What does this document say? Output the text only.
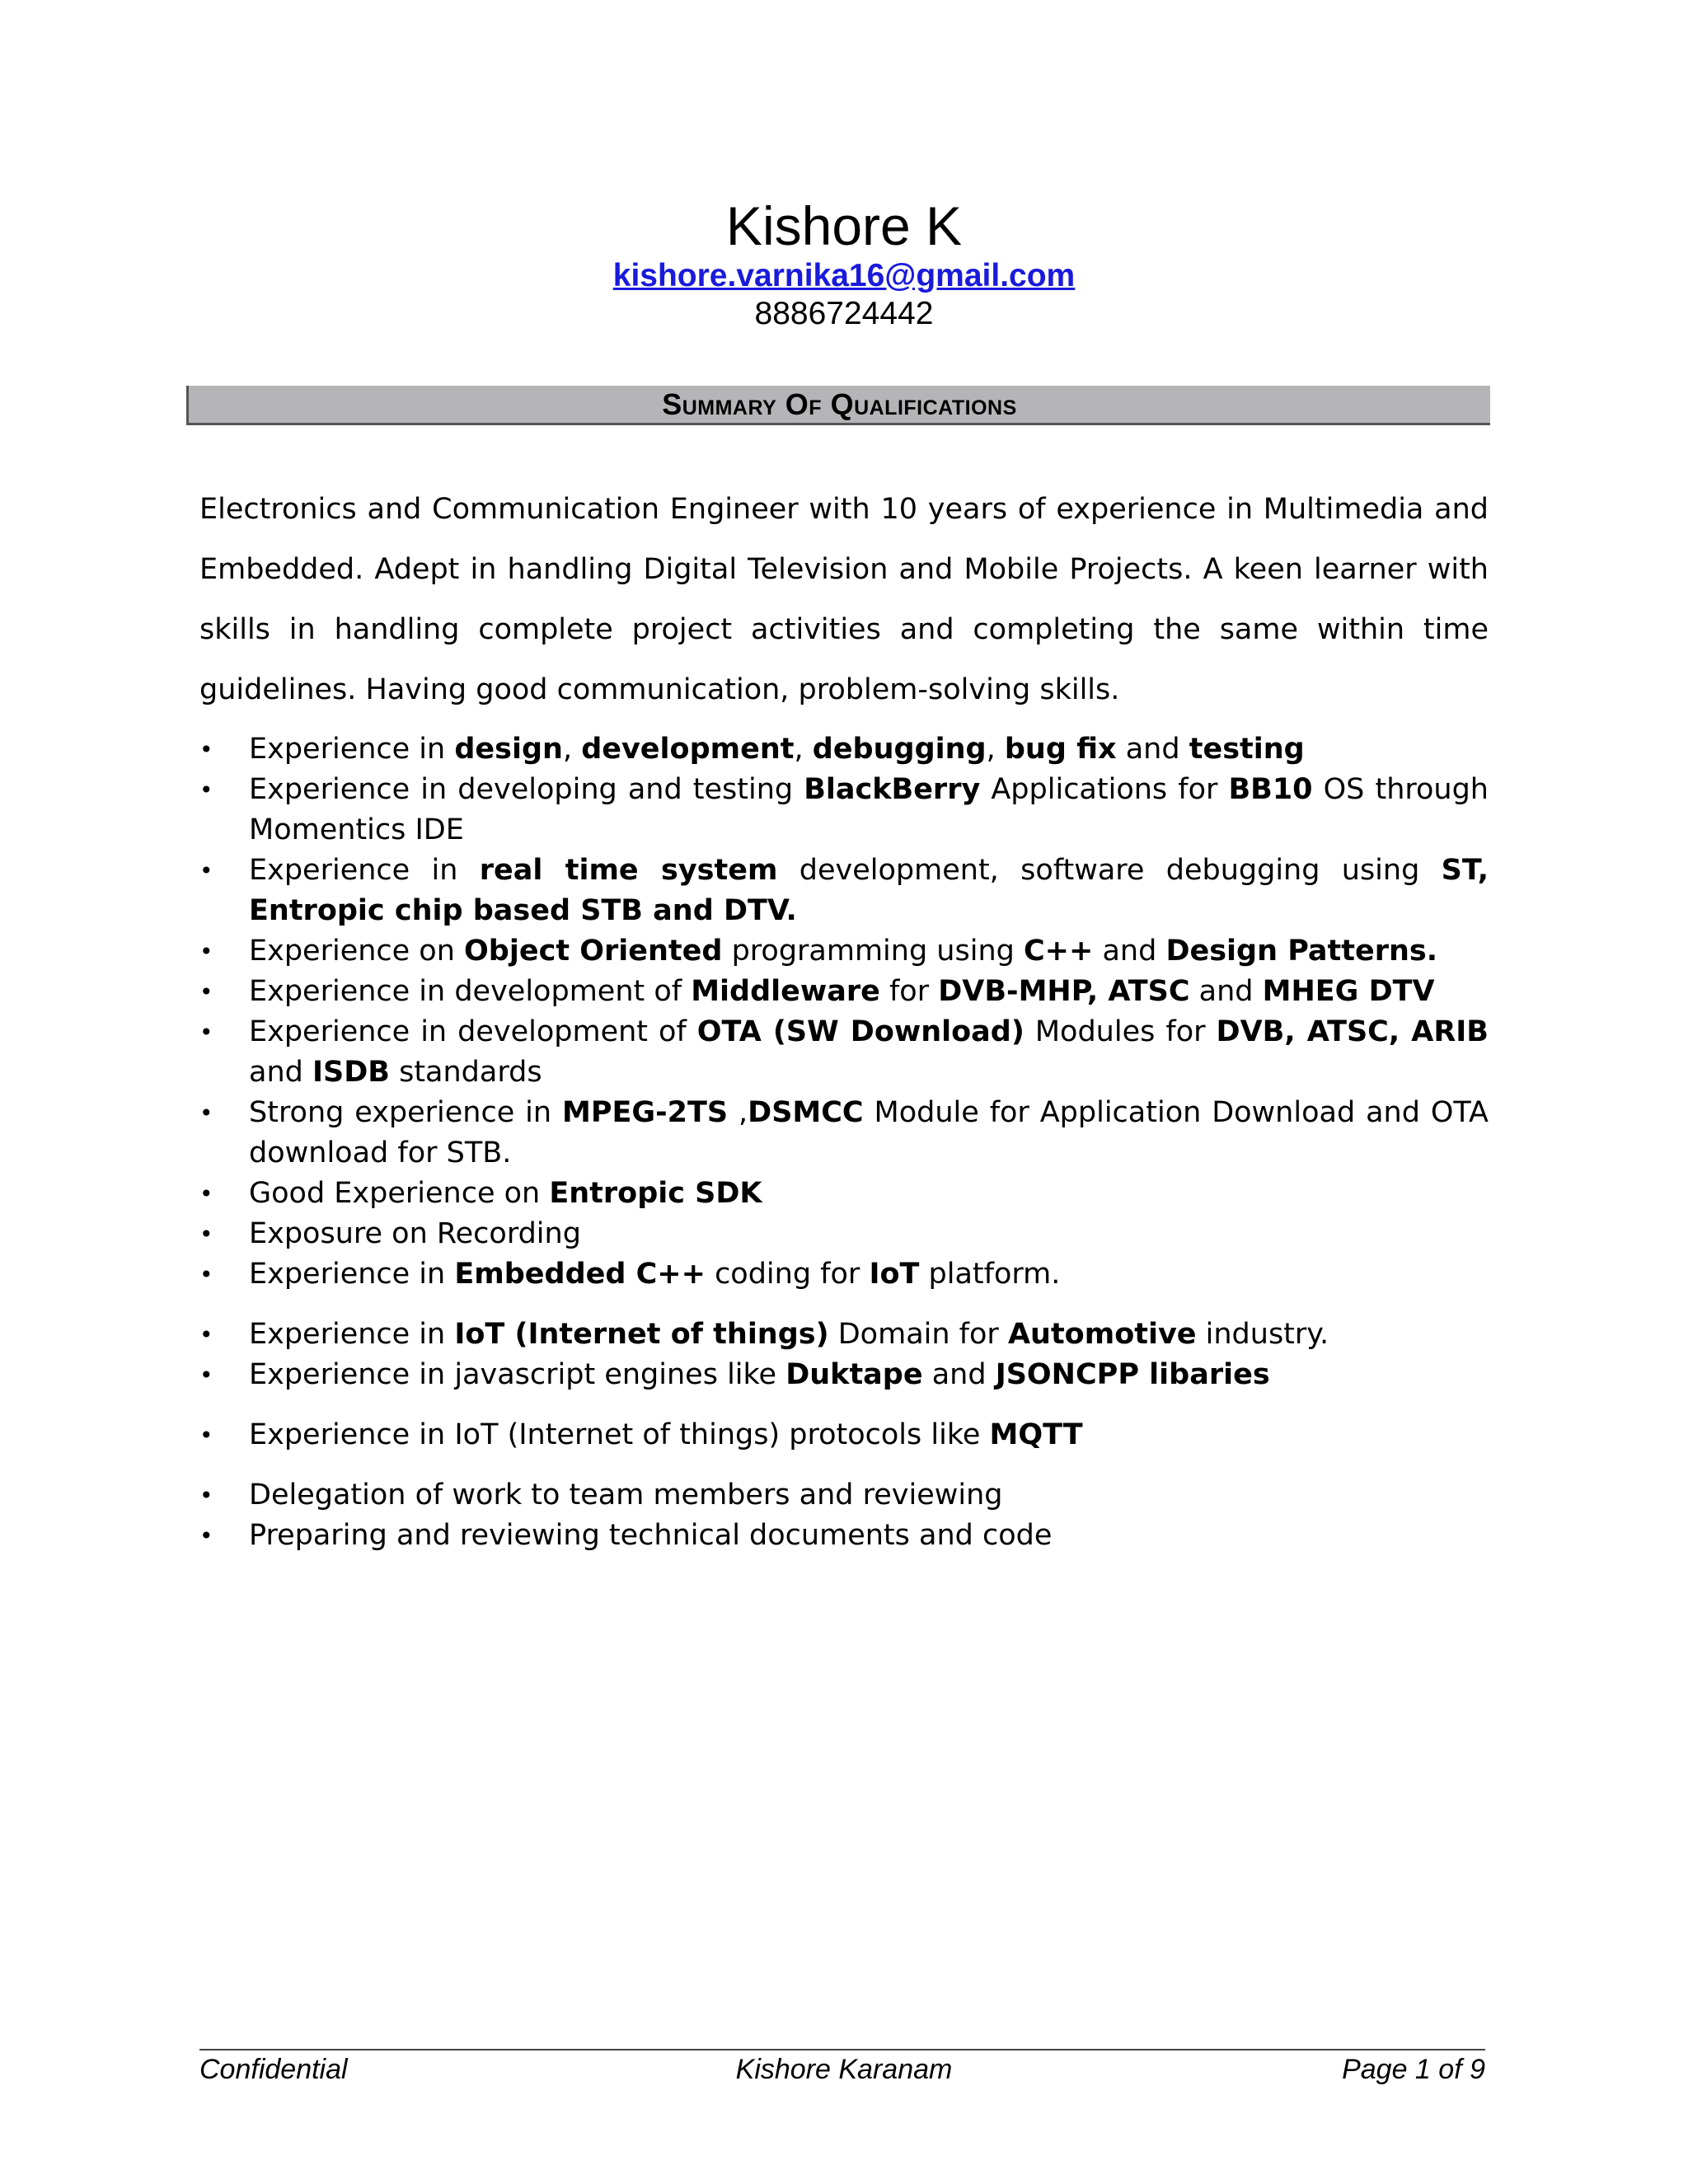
Kishore K
kishore.varnika16@gmail.com
8886724442
Summary Of Qualifications

Electronics and Communication Engineer with 10 years of experience in Multimedia and Embedded. Adept in handling Digital Television and Mobile Projects. A keen learner with skills in handling complete project activities and completing the same within time guidelines. Having good communication, problem-solving skills.

• Experience in design, development, debugging, bug fix and testing
• Experience in developing and testing BlackBerry Applications for BB10 OS through Momentics IDE
• Experience in real time system development, software debugging using ST, Entropic chip based STB and DTV.
• Experience on Object Oriented programming using C++ and Design Patterns.
• Experience in development of Middleware for DVB-MHP, ATSC and MHEG DTV
• Experience in development of OTA (SW Download) Modules for DVB, ATSC, ARIB and ISDB standards
• Strong experience in MPEG-2TS ,DSMCC Module for Application Download and OTA download for STB.
• Good Experience on Entropic SDK
• Exposure on Recording
• Experience in Embedded C++ coding for IoT platform.
• Experience in IoT (Internet of things) Domain for Automotive industry.
• Experience in javascript engines like Duktape and JSONCPP libaries
• Experience in IoT (Internet of things) protocols like MQTT
• Delegation of work to team members and reviewing
• Preparing and reviewing technical documents and code
Confidential	Kishore Karanam	Page 1 of 9
